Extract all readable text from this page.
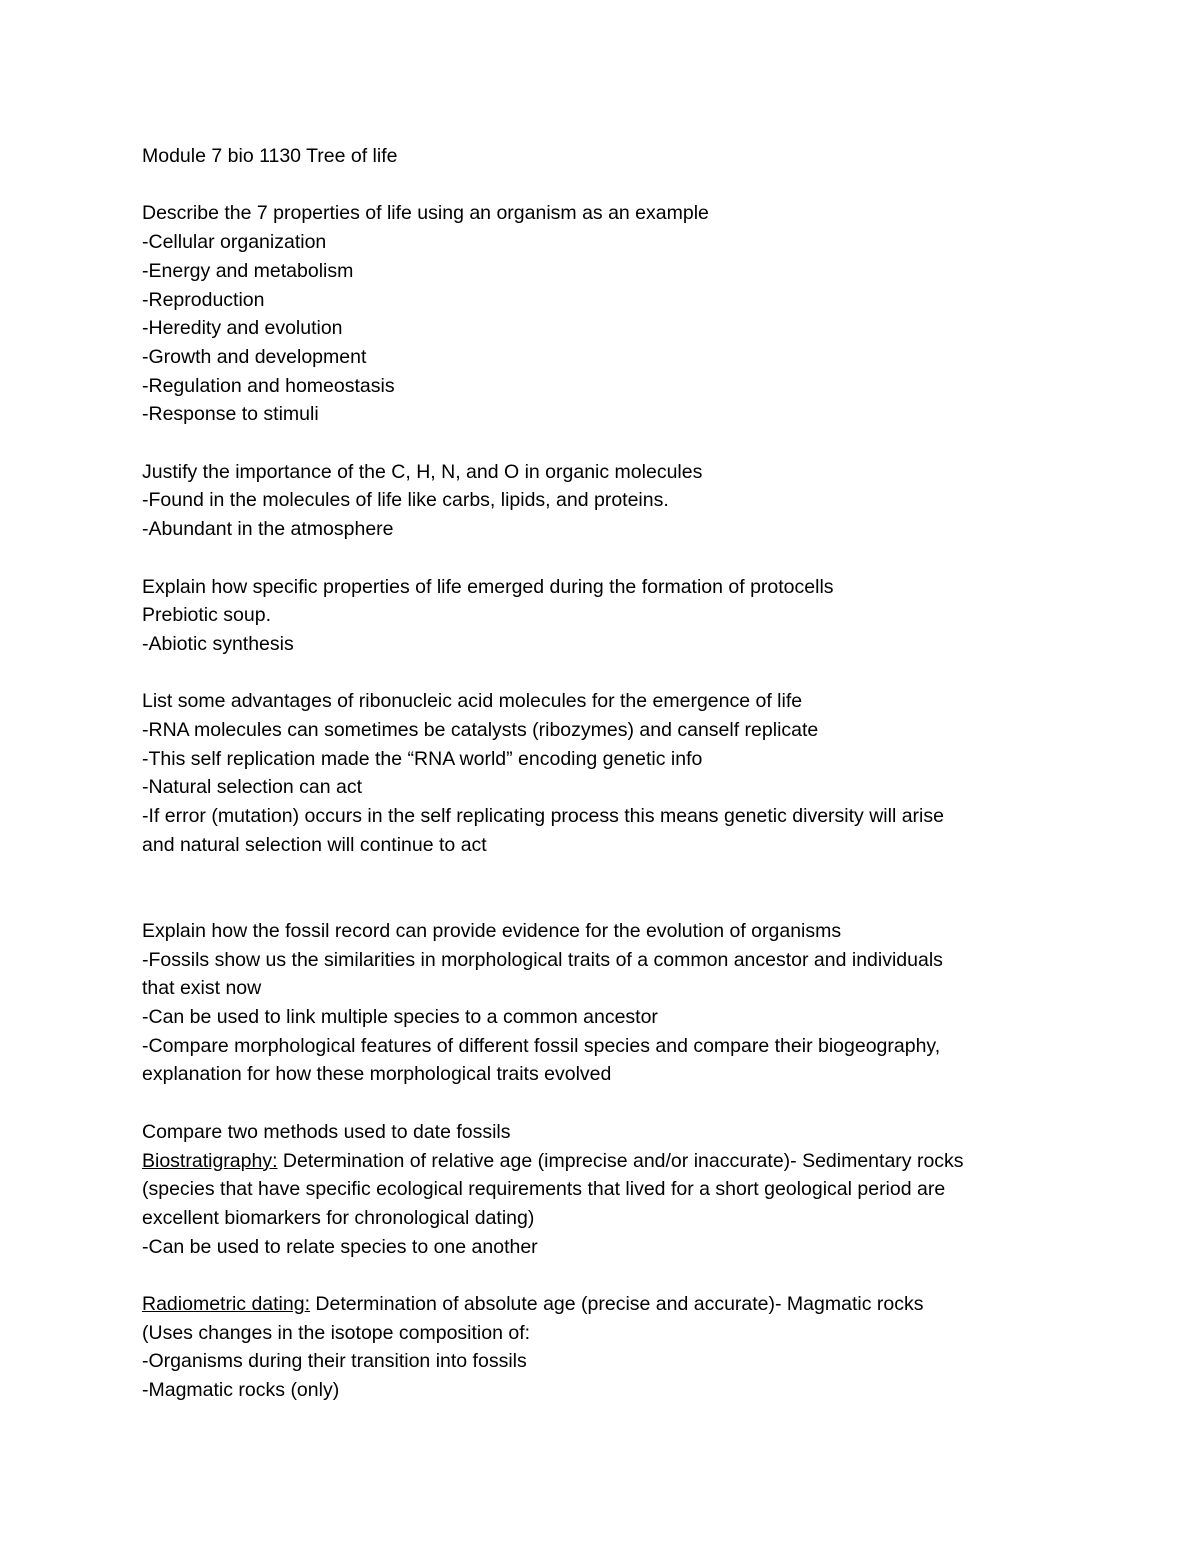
Module 7 bio 1130 Tree of life
Describe the 7 properties of life using an organism as an example
-Cellular organization
-Energy and metabolism
-Reproduction
-Heredity and evolution
-Growth and development
-Regulation and homeostasis
-Response to stimuli
Justify the importance of the C, H, N, and O in organic molecules
-Found in the molecules of life like carbs, lipids, and proteins.
-Abundant in the atmosphere
Explain how specific properties of life emerged during the formation of protocells
Prebiotic soup.
-Abiotic synthesis
List some advantages of ribonucleic acid molecules for the emergence of life
-RNA molecules can sometimes be catalysts (ribozymes) and canself replicate
-This self replication made the “RNA world” encoding genetic info
-Natural selection can act
-If error (mutation) occurs in the self replicating process this means genetic diversity will arise
and natural selection will continue to act
Explain how the fossil record can provide evidence for the evolution of organisms
-Fossils show us the similarities in morphological traits of a common ancestor and individuals
that exist now
-Can be used to link multiple species to a common ancestor
-Compare morphological features of different fossil species and compare their biogeography,
explanation for how these morphological traits evolved
Compare two methods used to date fossils
Biostratigraphy: Determination of relative age (imprecise and/or inaccurate)- Sedimentary rocks
(species that have specific ecological requirements that lived for a short geological period are
excellent biomarkers for chronological dating)
-Can be used to relate species to one another
Radiometric dating: Determination of absolute age (precise and accurate)- Magmatic rocks
(Uses changes in the isotope composition of:
-Organisms during their transition into fossils
-Magmatic rocks (only)
